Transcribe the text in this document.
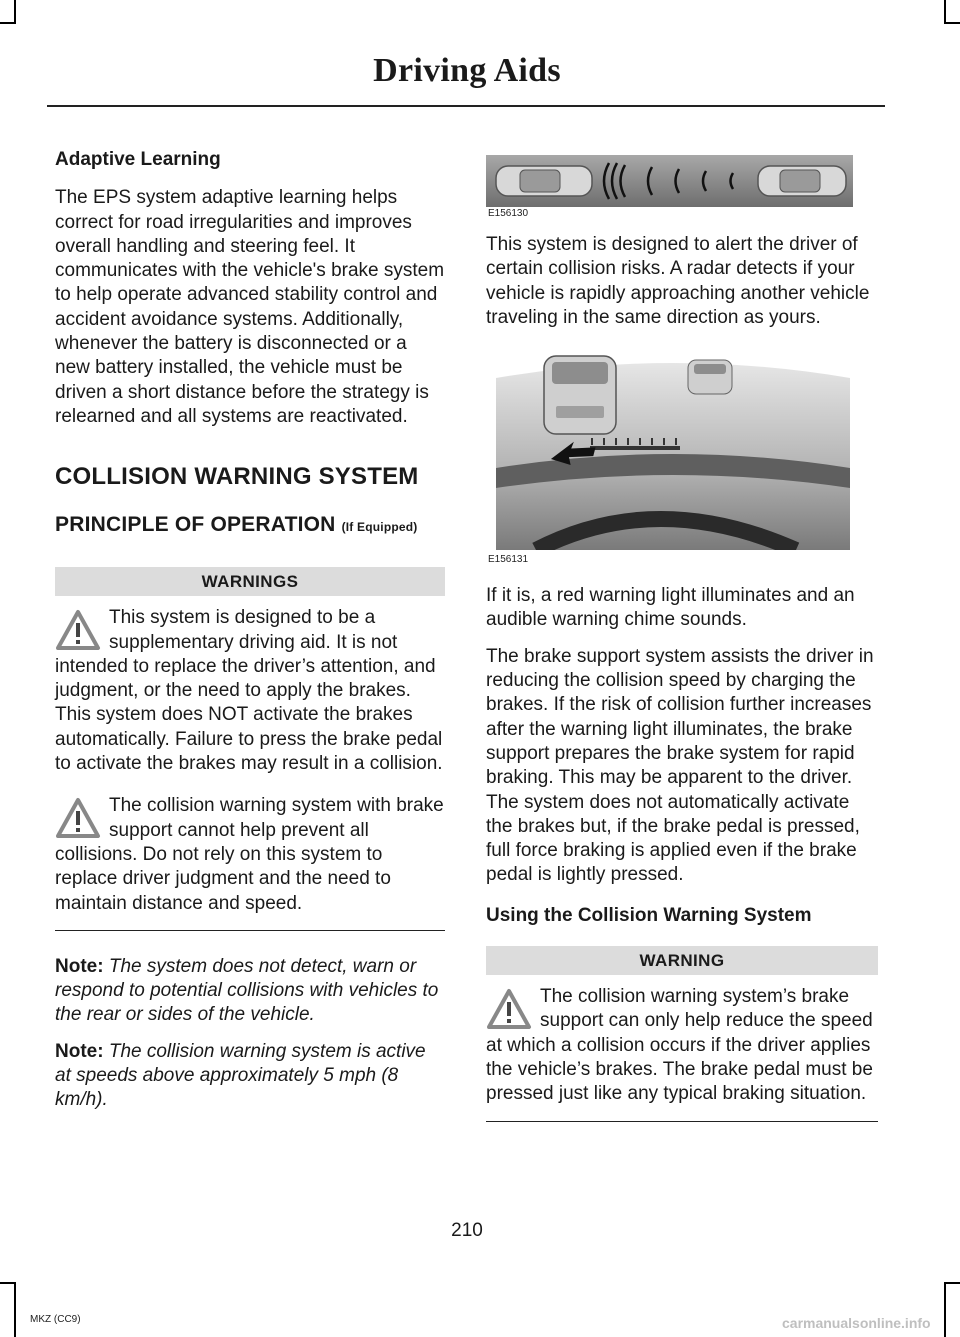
Driving Aids

Adaptive Learning

The EPS system adaptive learning helps correct for road irregularities and improves overall handling and steering feel. It communicates with the vehicle's brake system to help operate advanced stability control and accident avoidance systems. Additionally, whenever the battery is disconnected or a new battery installed, the vehicle must be driven a short distance before the strategy is relearned and all systems are reactivated.

COLLISION WARNING SYSTEM
PRINCIPLE OF OPERATION (If Equipped)
WARNINGS
This system is designed to be a supplementary driving aid. It is not intended to replace the driver’s attention, and judgment, or the need to apply the brakes. This system does NOT activate the brakes automatically. Failure to press the brake pedal to activate the brakes may result in a collision.
The collision warning system with brake support cannot help prevent all collisions. Do not rely on this system to replace driver judgment and the need to maintain distance and speed.

Note: The system does not detect, warn or respond to potential collisions with vehicles to the rear or sides of the vehicle.

Note: The collision warning system is active at speeds above approximately 5 mph (8 km/h).

E156130

This system is designed to alert the driver of certain collision risks. A radar detects if your vehicle is rapidly approaching another vehicle traveling in the same direction as yours.

E156131

If it is, a red warning light illuminates and an audible warning chime sounds.

The brake support system assists the driver in reducing the collision speed by charging the brakes. If the risk of collision further increases after the warning light illuminates, the brake support prepares the brake system for rapid braking. This may be apparent to the driver. The system does not automatically activate the brakes but, if the brake pedal is pressed, full force braking is applied even if the brake pedal is lightly pressed.

Using the Collision Warning System

WARNING
The collision warning system’s brake support can only help reduce the speed at which a collision occurs if the driver applies the vehicle’s brakes. The brake pedal must be pressed just like any typical braking situation.
210
MKZ (CC9)	carmanualsonline.info
